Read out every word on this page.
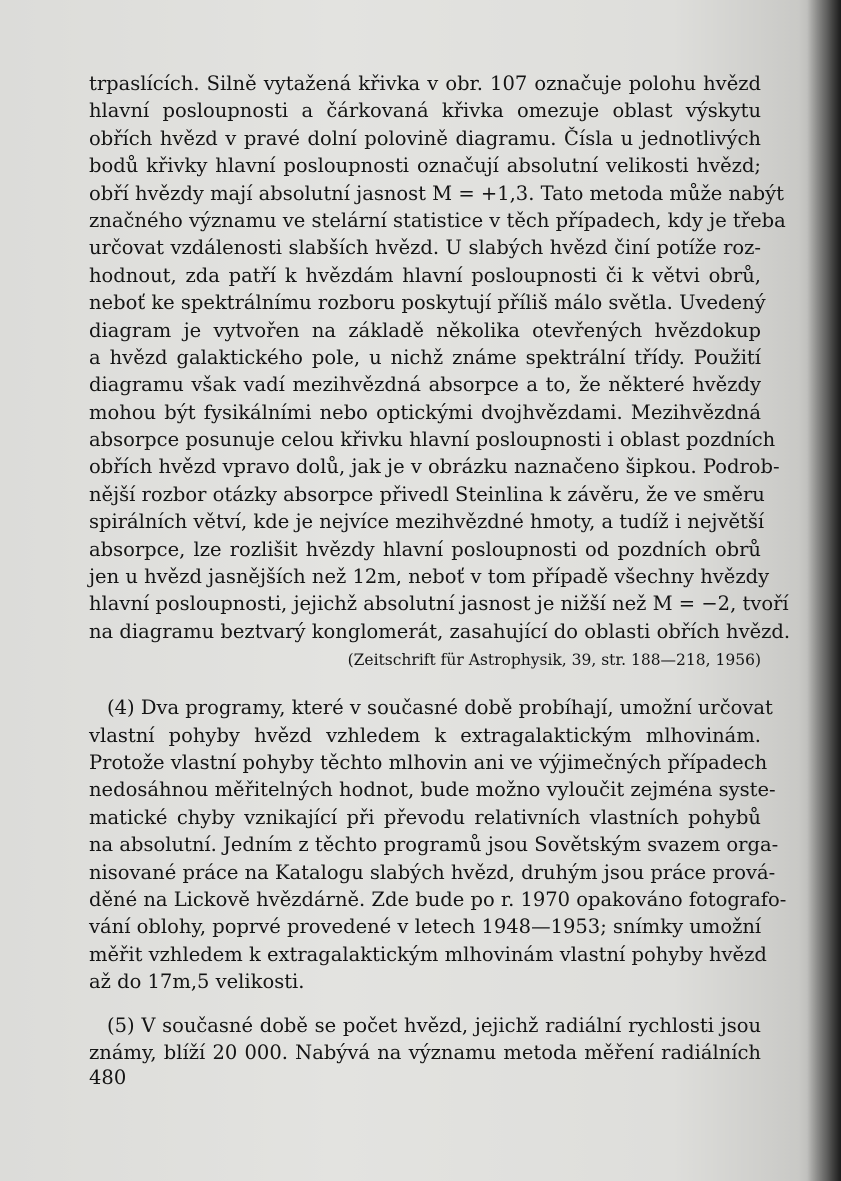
trpaslících. Silně vytažená křivka v obr. 107 označuje polohu hvězd
hlavní posloupnosti a čárkovaná křivka omezuje oblast výskytu
obřích hvězd v pravé dolní polovině diagramu. Čísla u jednotlivých
bodů křivky hlavní posloupnosti označují absolutní velikosti hvězd;
obří hvězdy mají absolutní jasnost M = +1,3. Tato metoda může nabýt
značného významu ve stelární statistice v těch případech, kdy je třeba
určovat vzdálenosti slabších hvězd. U slabých hvězd činí potíže roz-
hodnout, zda patří k hvězdám hlavní posloupnosti či k větvi obrů,
neboť ke spektrálnímu rozboru poskytují příliš málo světla. Uvedený
diagram je vytvořen na základě několika otevřených hvězdokup
a hvězd galaktického pole, u nichž známe spektrální třídy. Použití
diagramu však vadí mezihvězdná absorpce a to, že některé hvězdy
mohou být fysikálními nebo optickými dvojhvězdami. Mezihvězdná
absorpce posunuje celou křivku hlavní posloupnosti i oblast pozdních
obřích hvězd vpravo dolů, jak je v obrázku naznačeno šipkou. Podrob-
nější rozbor otázky absorpce přivedl Steinlina k závěru, že ve směru
spirálních větví, kde je nejvíce mezihvězdné hmoty, a tudíž i největší
absorpce, lze rozlišit hvězdy hlavní posloupnosti od pozdních obrů
jen u hvězd jasnějších než 12m, neboť v tom případě všechny hvězdy
hlavní posloupnosti, jejichž absolutní jasnost je nižší než M = −2, tvoří
na diagramu beztvarý konglomerát, zasahující do oblasti obřích hvězd.
(Zeitschrift für Astrophysik, 39, str. 188—218, 1956)
(4) Dva programy, které v současné době probíhají, umožní určovat
vlastní pohyby hvězd vzhledem k extragalaktickým mlhovinám.
Protože vlastní pohyby těchto mlhovin ani ve výjimečných případech
nedosáhnou měřitelných hodnot, bude možno vyloučit zejména syste-
matické chyby vznikající při převodu relativních vlastních pohybů
na absolutní. Jedním z těchto programů jsou Sovětským svazem orga-
nisované práce na Katalogu slabých hvězd, druhým jsou práce prová-
děné na Lickově hvězdárně. Zde bude po r. 1970 opakováno fotografo-
vání oblohy, poprvé provedené v letech 1948—1953; snímky umožní
měřit vzhledem k extragalaktickým mlhovinám vlastní pohyby hvězd
až do 17m,5 velikosti.
(5) V současné době se počet hvězd, jejichž radiální rychlosti jsou
známy, blíží 20 000. Nabývá na významu metoda měření radiálních
480
